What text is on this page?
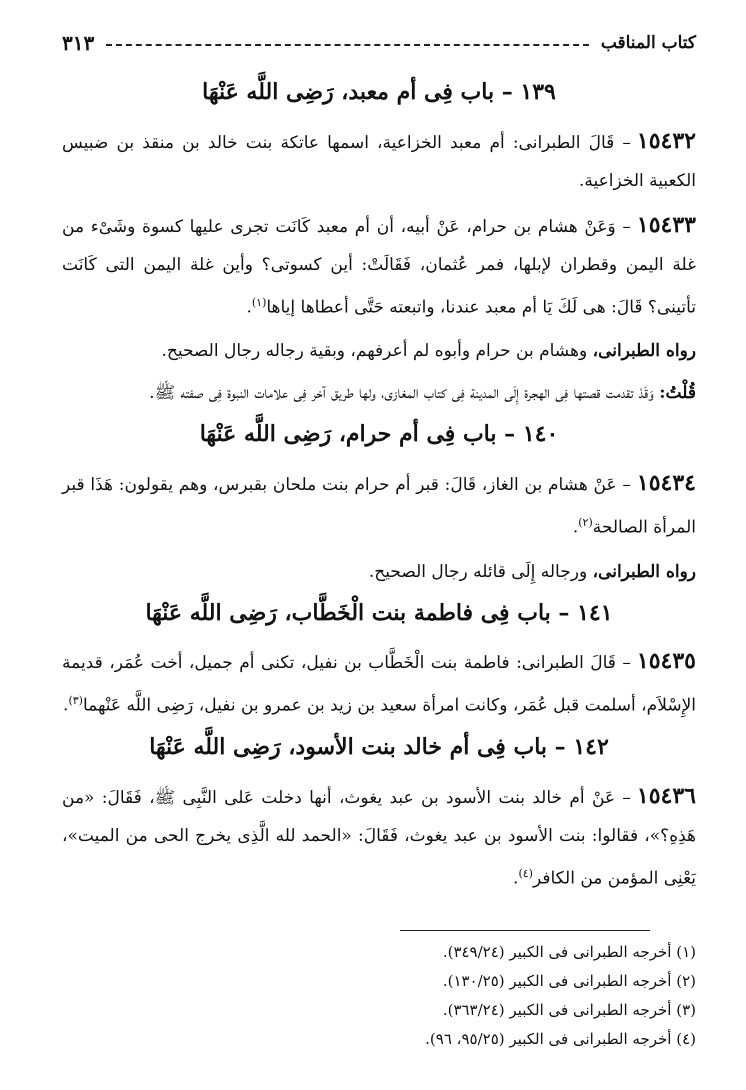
كتاب المناقب
٣١٣
١٣٩ – باب فِى أم معبد، رَضِى اللَّه عَنْهَا

١٥٤٣٢– قَالَ الطبرانى: أم معبد الخزاعية، اسمها عاتكة بنت خالد بن منقذ بن ضبيس الكعبية الخزاعية.

١٥٤٣٣– وَعَنْ هشام بن حرام، عَنْ أبيه، أن أم معبد كَانَت تجرى عليها كسوة وشَىْء من غلة اليمن وقطران لإبلها، فمر عُثمان، فَقَالَتْ: أين كسوتى؟ وأين غلة اليمن التى كَانَت تأتينى؟ قَالَ: هى لَكَ يَا أم معبد عندنا، واتبعته حَتَّى أعطاها إياها$^{(١)}$.

رواه الطبرانى، وهشام بن حرام وأبوه لم أعرفهم، وبقية رجاله رجال الصحيح.

قُلْتُ: وَقَدْ تقدمت قصتها فِى الهجرة إِلَى المدينة فِى كتاب المغازى، ولها طريق آخر فِى علامات النبوة فِى صفته ﷺ.

١٤٠ – باب فِى أم حرام، رَضِى اللَّه عَنْهَا

١٥٤٣٤– عَنْ هشام بن الغاز، قَالَ: قبر أم حرام بنت ملحان بقبرس، وهم يقولون: هَذَا قبر المرأة الصالحة$^{(٢)}$.

رواه الطبرانى، ورجاله إِلَى قائله رجال الصحيح.

١٤١ – باب فِى فاطمة بنت الْخَطَّاب، رَضِى اللَّه عَنْهَا

١٥٤٣٥– قَالَ الطبرانى: فاطمة بنت الْخَطَّاب بن نفيل، تكنى أم جميل، أخت عُمَر، قديمة الإِسْلاَم، أسلمت قبل عُمَر، وكانت امرأة سعيد بن زيد بن عمرو بن نفيل، رَضِى اللَّه عَنْهما$^{(٣)}$.

١٤٢ – باب فِى أم خالد بنت الأسود، رَضِى اللَّه عَنْهَا

١٥٤٣٦– عَنْ أم خالد بنت الأسود بن عبد يغوث، أنها دخلت عَلى النَّبِى ﷺ، فَقَالَ: «من هَذِهِ؟»، فقالوا: بنت الأسود بن عبد يغوث، فَقَالَ: «الحمد لله الَّذِى يخرج الحى من الميت»، يَعْنِى المؤمن من الكافر$^{(٤)}$.

(١) أخرجه الطبرانى فى الكبير (٣٤٩/٢٤).
(٢) أخرجه الطبرانى فى الكبير (١٣٠/٢٥).
(٣) أخرجه الطبرانى فى الكبير (٣٦٣/٢٤).
(٤) أخرجه الطبرانى فى الكبير (٩٥/٢٥، ٩٦).
